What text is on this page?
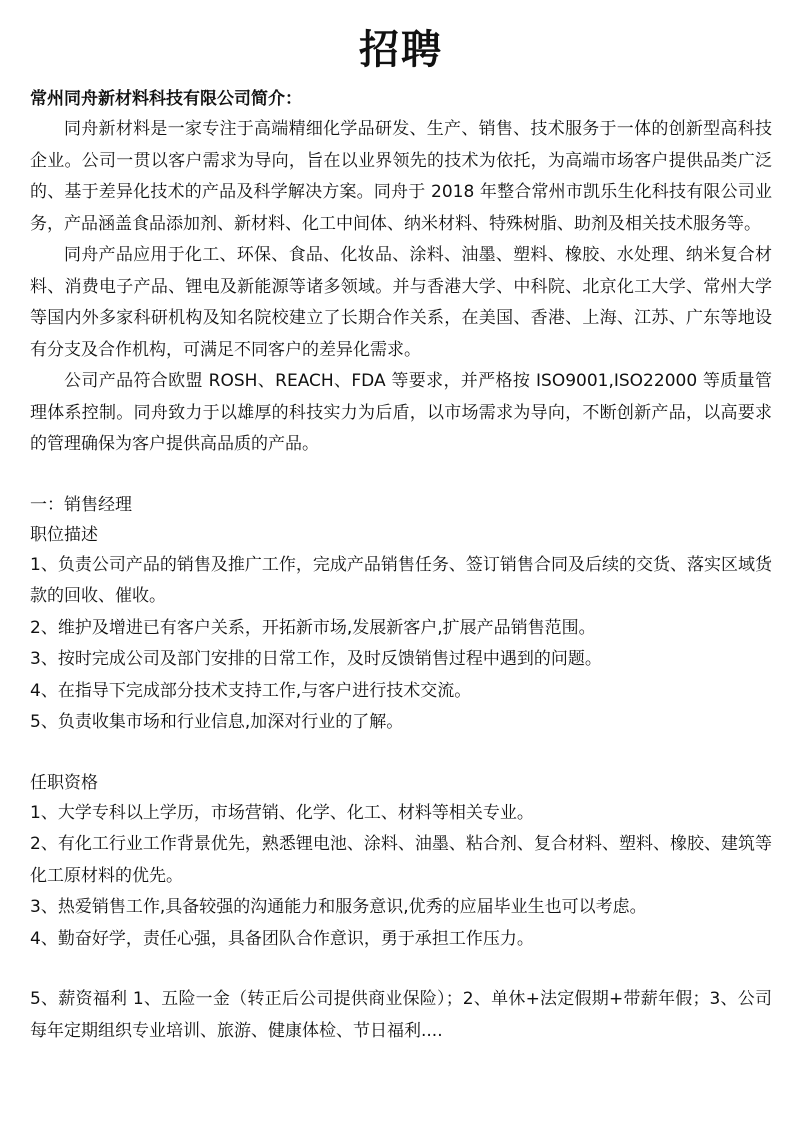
招聘
常州同舟新材料科技有限公司简介：

同舟新材料是一家专注于高端精细化学品研发、生产、销售、技术服务于一体的创新型高科技企业。公司一贯以客户需求为导向，旨在以业界领先的技术为依托，为高端市场客户提供品类广泛的、基于差异化技术的产品及科学解决方案。同舟于 2018 年整合常州市凯乐生化科技有限公司业务，产品涵盖食品添加剂、新材料、化工中间体、纳米材料、特殊树脂、助剂及相关技术服务等。

同舟产品应用于化工、环保、食品、化妆品、涂料、油墨、塑料、橡胶、水处理、纳米复合材料、消费电子产品、锂电及新能源等诸多领域。并与香港大学、中科院、北京化工大学、常州大学等国内外多家科研机构及知名院校建立了长期合作关系，在美国、香港、上海、江苏、广东等地设有分支及合作机构，可满足不同客户的差异化需求。

公司产品符合欧盟 ROSH、REACH、FDA 等要求，并严格按 ISO9001,ISO22000 等质量管理体系控制。同舟致力于以雄厚的科技实力为后盾，以市场需求为导向，不断创新产品，以高要求的管理确保为客户提供高品质的产品。

一：销售经理
职位描述

1、负责公司产品的销售及推广工作，完成产品销售任务、签订销售合同及后续的交货、落实区域货款的回收、催收。

2、维护及增进已有客户关系，开拓新市场,发展新客户,扩展产品销售范围。

3、按时完成公司及部门安排的日常工作，及时反馈销售过程中遇到的问题。

4、在指导下完成部分技术支持工作,与客户进行技术交流。

5、负责收集市场和行业信息,加深对行业的了解。

任职资格

1、大学专科以上学历，市场营销、化学、化工、材料等相关专业。

2、有化工行业工作背景优先，熟悉锂电池、涂料、油墨、粘合剂、复合材料、塑料、橡胶、建筑等化工原材料的优先。

3、热爱销售工作,具备较强的沟通能力和服务意识,优秀的应届毕业生也可以考虑。

4、勤奋好学，责任心强，具备团队合作意识，勇于承担工作压力。

5、薪资福利 1、五险一金（转正后公司提供商业保险）；2、单休+法定假期+带薪年假；3、公司每年定期组织专业培训、旅游、健康体检、节日福利....
